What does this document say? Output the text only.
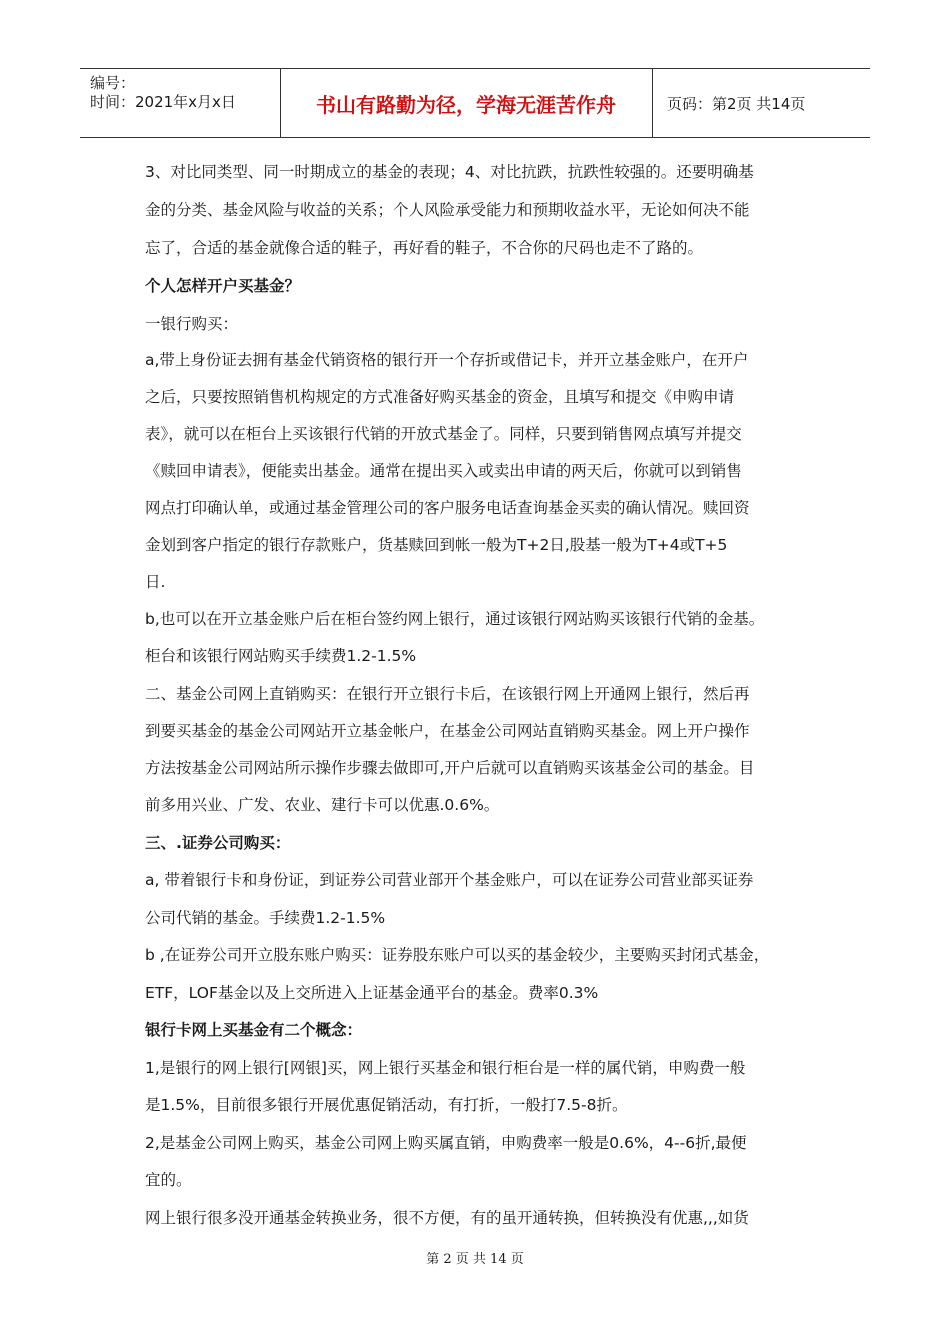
编号：
时间：2021年x月x日	书山有路勤为径，学海无涯苦作舟	页码：第2页 共14页
3、对比同类型、同一时期成立的基金的表现；4、对比抗跌，抗跌性较强的。还要明确基
金的分类、基金风险与收益的关系；个人风险承受能力和预期收益水平，无论如何决不能
忘了，合适的基金就像合适的鞋子，再好看的鞋子，不合你的尺码也走不了路的。
个人怎样开户买基金？
一银行购买：
a,带上身份证去拥有基金代销资格的银行开一个存折或借记卡，并开立基金账户，在开户
之后，只要按照销售机构规定的方式准备好购买基金的资金，且填写和提交《申购申请
表》，就可以在柜台上买该银行代销的开放式基金了。同样，只要到销售网点填写并提交
《赎回申请表》，便能卖出基金。通常在提出买入或卖出申请的两天后，你就可以到销售
网点打印确认单，或通过基金管理公司的客户服务电话查询基金买卖的确认情况。赎回资
金划到客户指定的银行存款账户，货基赎回到帐一般为T+2日,股基一般为T+4或T+5
日.
b,也可以在开立基金账户后在柜台签约网上银行，通过该银行网站购买该银行代销的金基。
柜台和该银行网站购买手续费1.2-1.5%
二、基金公司网上直销购买：在银行开立银行卡后，在该银行网上开通网上银行，然后再
到要买基金的基金公司网站开立基金帐户，在基金公司网站直销购买基金。网上开户操作
方法按基金公司网站所示操作步骤去做即可,开户后就可以直销购买该基金公司的基金。目
前多用兴业、广发、农业、建行卡可以优惠.0.6%。
三、.证券公司购买：
a, 带着银行卡和身份证，到证券公司营业部开个基金账户，可以在证券公司营业部买证券
公司代销的基金。手续费1.2-1.5%
b ,在证券公司开立股东账户购买：证券股东账户可以买的基金较少，主要购买封闭式基金，
ETF，LOF基金以及上交所进入上证基金通平台的基金。费率0.3%
银行卡网上买基金有二个概念：
1,是银行的网上银行[网银]买，网上银行买基金和银行柜台是一样的属代销，申购费一般
是1.5%，目前很多银行开展优惠促销活动，有打折，一般打7.5-8折。
2,是基金公司网上购买，基金公司网上购买属直销，申购费率一般是0.6%，4--6折,最便
宜的。
网上银行很多没开通基金转换业务，很不方便，有的虽开通转换，但转换没有优惠,,,如货
第 2 页 共 14 页
